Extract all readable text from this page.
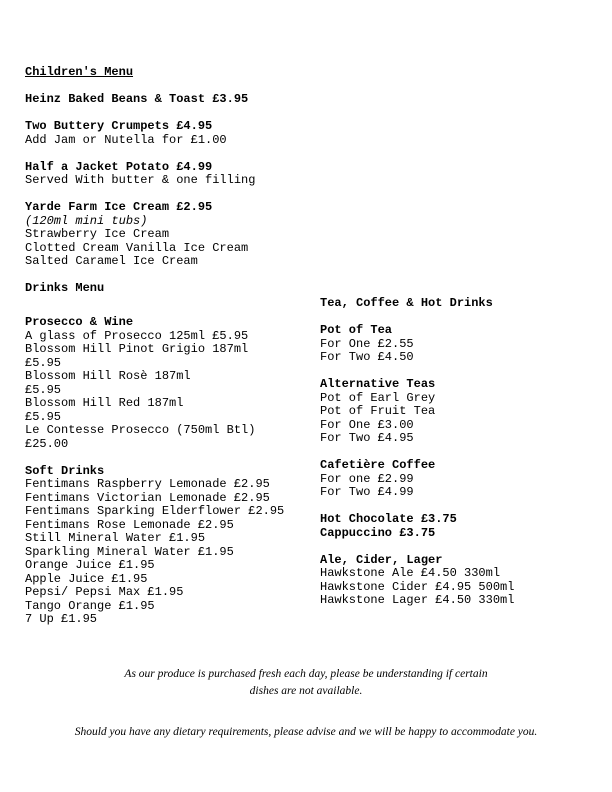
Children's Menu
Heinz Baked Beans & Toast £3.95
Two Buttery Crumpets £4.95
Add Jam or Nutella for £1.00
Half a Jacket Potato £4.99
Served With butter & one filling
Yarde Farm Ice Cream £2.95
(120ml mini tubs)
Strawberry Ice Cream
Clotted Cream Vanilla Ice Cream
Salted Caramel Ice Cream
Drinks Menu
Prosecco & Wine
A glass of Prosecco 125ml £5.95
Blossom Hill Pinot Grigio 187ml
£5.95
Blossom Hill Rosè 187ml
£5.95
Blossom Hill Red 187ml
£5.95
Le Contesse Prosecco (750ml Btl)
£25.00
Soft Drinks
Fentimans Raspberry Lemonade £2.95
Fentimans Victorian Lemonade £2.95
Fentimans Sparking Elderflower £2.95
Fentimans Rose Lemonade £2.95
Still Mineral Water £1.95
Sparkling Mineral Water £1.95
Orange Juice £1.95
Apple Juice £1.95
Pepsi/ Pepsi Max £1.95
Tango Orange £1.95
7 Up £1.95
Tea, Coffee & Hot Drinks
Pot of Tea
For One £2.55
For Two £4.50
Alternative Teas
Pot of Earl Grey
Pot of Fruit Tea
For One £3.00
For Two £4.95
Cafetière Coffee
For one £2.99
For Two £4.99
Hot Chocolate £3.75
Cappuccino £3.75
Ale, Cider, Lager
Hawkstone Ale £4.50 330ml
Hawkstone Cider £4.95 500ml
Hawkstone Lager £4.50 330ml
As our produce is purchased fresh each day, please be understanding if certain
dishes are not available.
Should you have any dietary requirements, please advise and we will be happy to accommodate you.
